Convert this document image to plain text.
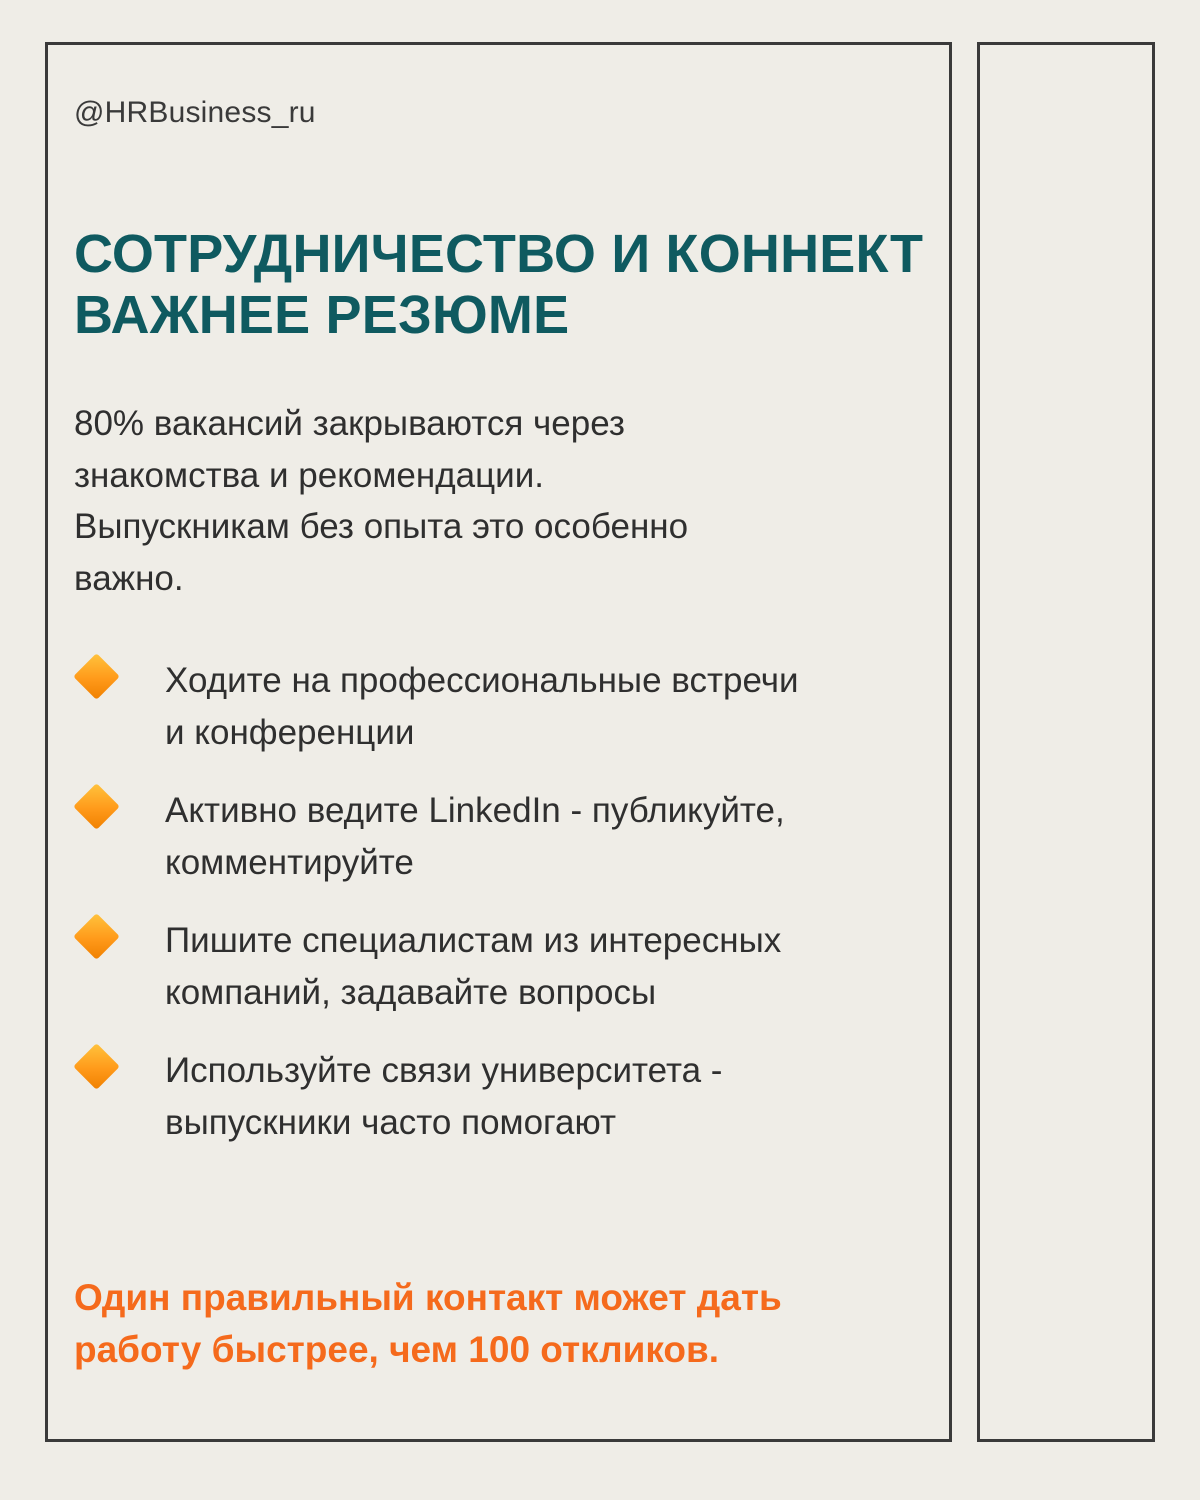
@HRBusiness_ru
СОТРУДНИЧЕСТВО И КОННЕКТ
ВАЖНЕЕ РЕЗЮМЕ
80% вакансий закрываются через
знакомства и рекомендации.
Выпускникам без опыта это особенно
важно.
Ходите на профессиональные встречи
и конференции
Активно ведите LinkedIn - публикуйте,
комментируйте
Пишите специалистам из интересных
компаний, задавайте вопросы
Используйте связи университета -
выпускники часто помогают
Один правильный контакт может дать
работу быстрее, чем 100 откликов.
